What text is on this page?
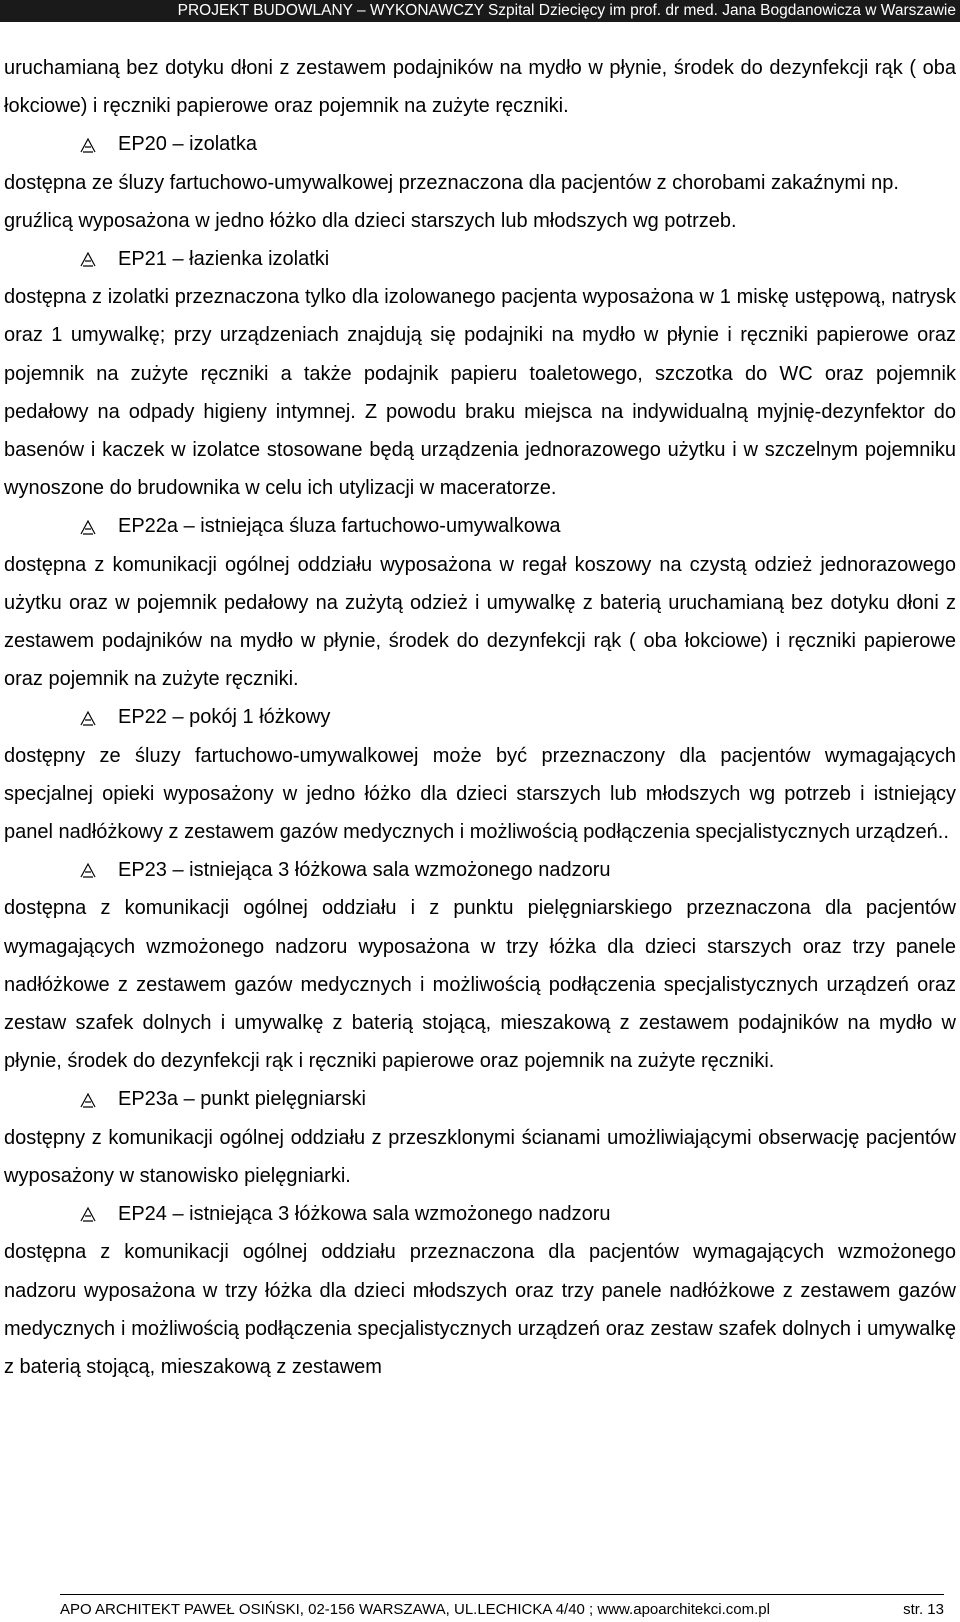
PROJEKT BUDOWLANY – WYKONAWCZY Szpital Dziecięcy im prof. dr med. Jana Bogdanowicza w Warszawie

uruchamianą bez dotyku dłoni z zestawem podajników na mydło w płynie, środek do dezynfekcji rąk ( oba łokciowe) i ręczniki papierowe oraz pojemnik na zużyte ręczniki.

EP20 – izolatka

dostępna ze śluzy fartuchowo-umywalkowej przeznaczona dla pacjentów z chorobami zakaźnymi np. gruźlicą wyposażona w jedno łóżko dla dzieci starszych lub młodszych wg potrzeb.

EP21 – łazienka izolatki

dostępna z izolatki przeznaczona tylko dla izolowanego pacjenta wyposażona w 1 miskę ustępową, natrysk oraz 1 umywalkę; przy urządzeniach znajdują się podajniki na mydło w płynie i ręczniki papierowe oraz pojemnik na zużyte ręczniki a także podajnik papieru toaletowego, szczotka do WC oraz pojemnik pedałowy na odpady higieny intymnej. Z powodu braku miejsca na indywidualną myjnię-dezynfektor do basenów i kaczek w izolatce stosowane będą urządzenia jednorazowego użytku i w szczelnym pojemniku wynoszone do brudownika w celu ich utylizacji w maceratorze.

EP22a – istniejąca śluza fartuchowo-umywalkowa

dostępna z komunikacji ogólnej oddziału wyposażona w regał koszowy na czystą odzież jednorazowego użytku oraz w pojemnik pedałowy na zużytą odzież i umywalkę z baterią uruchamianą bez dotyku dłoni z zestawem podajników na mydło w płynie, środek do dezynfekcji rąk ( oba łokciowe) i ręczniki papierowe oraz pojemnik na zużyte ręczniki.

EP22 – pokój 1 łóżkowy

dostępny ze śluzy fartuchowo-umywalkowej może być przeznaczony dla pacjentów wymagających specjalnej opieki wyposażony w jedno łóżko dla dzieci starszych lub młodszych wg potrzeb i istniejący panel nadłóżkowy z zestawem gazów medycznych i możliwością podłączenia specjalistycznych urządzeń..

EP23 – istniejąca 3 łóżkowa sala wzmożonego nadzoru

dostępna z komunikacji ogólnej oddziału i z punktu pielęgniarskiego przeznaczona dla pacjentów wymagających wzmożonego nadzoru wyposażona w trzy łóżka dla dzieci starszych oraz trzy panele nadłóżkowe z zestawem gazów medycznych i możliwością podłączenia specjalistycznych urządzeń oraz zestaw szafek dolnych i umywalkę z baterią stojącą, mieszakową z zestawem podajników na mydło w płynie, środek do dezynfekcji rąk i ręczniki papierowe oraz pojemnik na zużyte ręczniki.

EP23a – punkt pielęgniarski

dostępny z komunikacji ogólnej oddziału z przeszklonymi ścianami umożliwiającymi obserwację pacjentów wyposażony w stanowisko pielęgniarki.

EP24 – istniejąca 3 łóżkowa sala wzmożonego nadzoru

dostępna z komunikacji ogólnej oddziału przeznaczona dla pacjentów wymagających wzmożonego nadzoru wyposażona w trzy łóżka dla dzieci młodszych oraz trzy panele nadłóżkowe z zestawem gazów medycznych i możliwością podłączenia specjalistycznych urządzeń oraz zestaw szafek dolnych i umywalkę z baterią stojącą, mieszakową z zestawem

APO ARCHITEKT PAWEŁ OSIŃSKI, 02-156 WARSZAWA, UL.LECHICKA 4/40 ; www.apoarchitekci.com.pl	str. 13
